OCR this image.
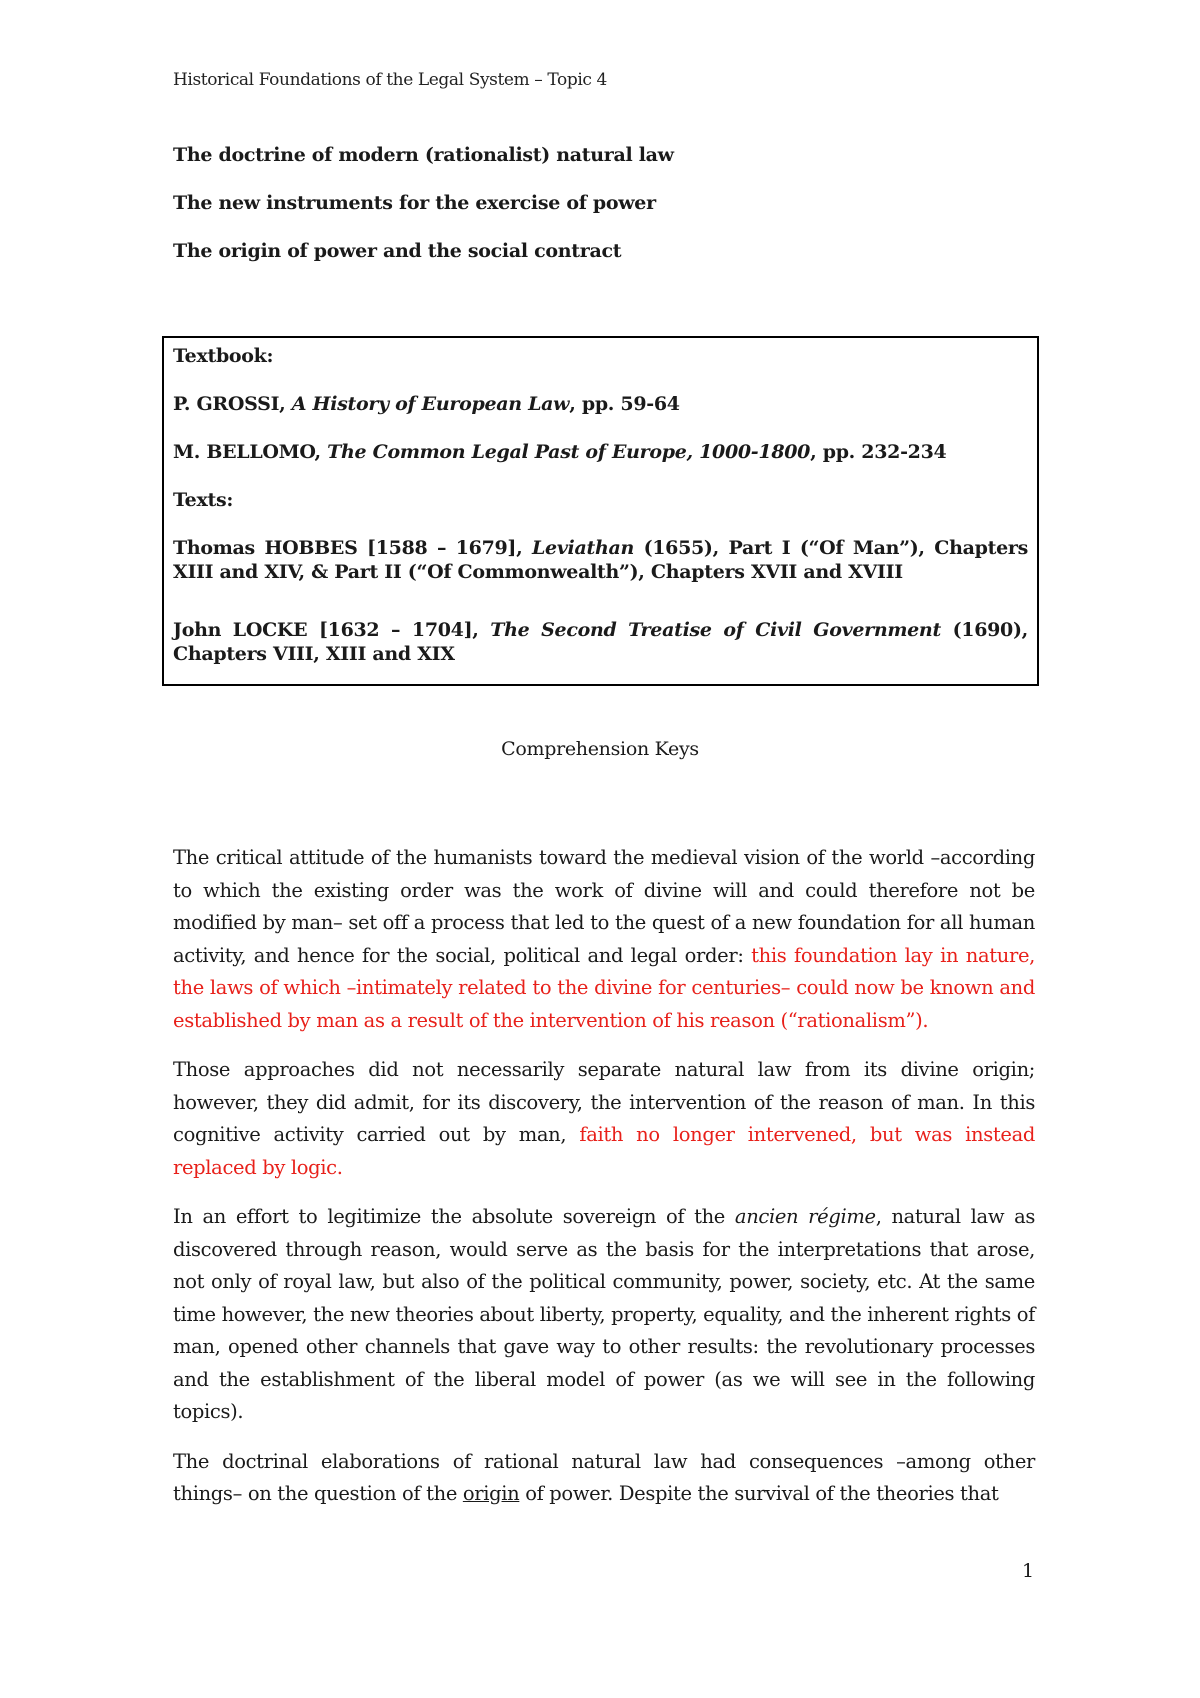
Historical Foundations of the Legal System – Topic 4
The doctrine of modern (rationalist) natural law
The new instruments for the exercise of power
The origin of power and the social contract
Textbook:
P. GROSSI, A History of European Law, pp. 59-64
M. BELLOMO, The Common Legal Past of Europe, 1000-1800, pp. 232-234
Texts:
Thomas HOBBES [1588 – 1679], Leviathan (1655), Part I (“Of Man”), Chapters
XIII and XIV, & Part II (“Of Commonwealth”), Chapters XVII and XVIII
John LOCKE [1632 – 1704], The Second Treatise of Civil Government (1690),
Chapters VIII, XIII and XIX
Comprehension Keys

The critical attitude of the humanists toward the medieval vision of the world –according to which the existing order was the work of divine will and could therefore not be modified by man– set off a process that led to the quest of a new foundation for all human activity, and hence for the social, political and legal order: this foundation lay in nature, the laws of which –intimately related to the divine for centuries– could now be known and established by man as a result of the intervention of his reason (“rationalism”).

Those approaches did not necessarily separate natural law from its divine origin; however, they did admit, for its discovery, the intervention of the reason of man. In this cognitive activity carried out by man, faith no longer intervened, but was instead replaced by logic.

In an effort to legitimize the absolute sovereign of the ancien régime, natural law as discovered through reason, would serve as the basis for the interpretations that arose, not only of royal law, but also of the political community, power, society, etc. At the same time however, the new theories about liberty, property, equality, and the inherent rights of man, opened other channels that gave way to other results: the revolutionary processes and the establishment of the liberal model of power (as we will see in the following topics).

The doctrinal elaborations of rational natural law had consequences –among other things– on the question of the origin of power. Despite the survival of the theories that

1
